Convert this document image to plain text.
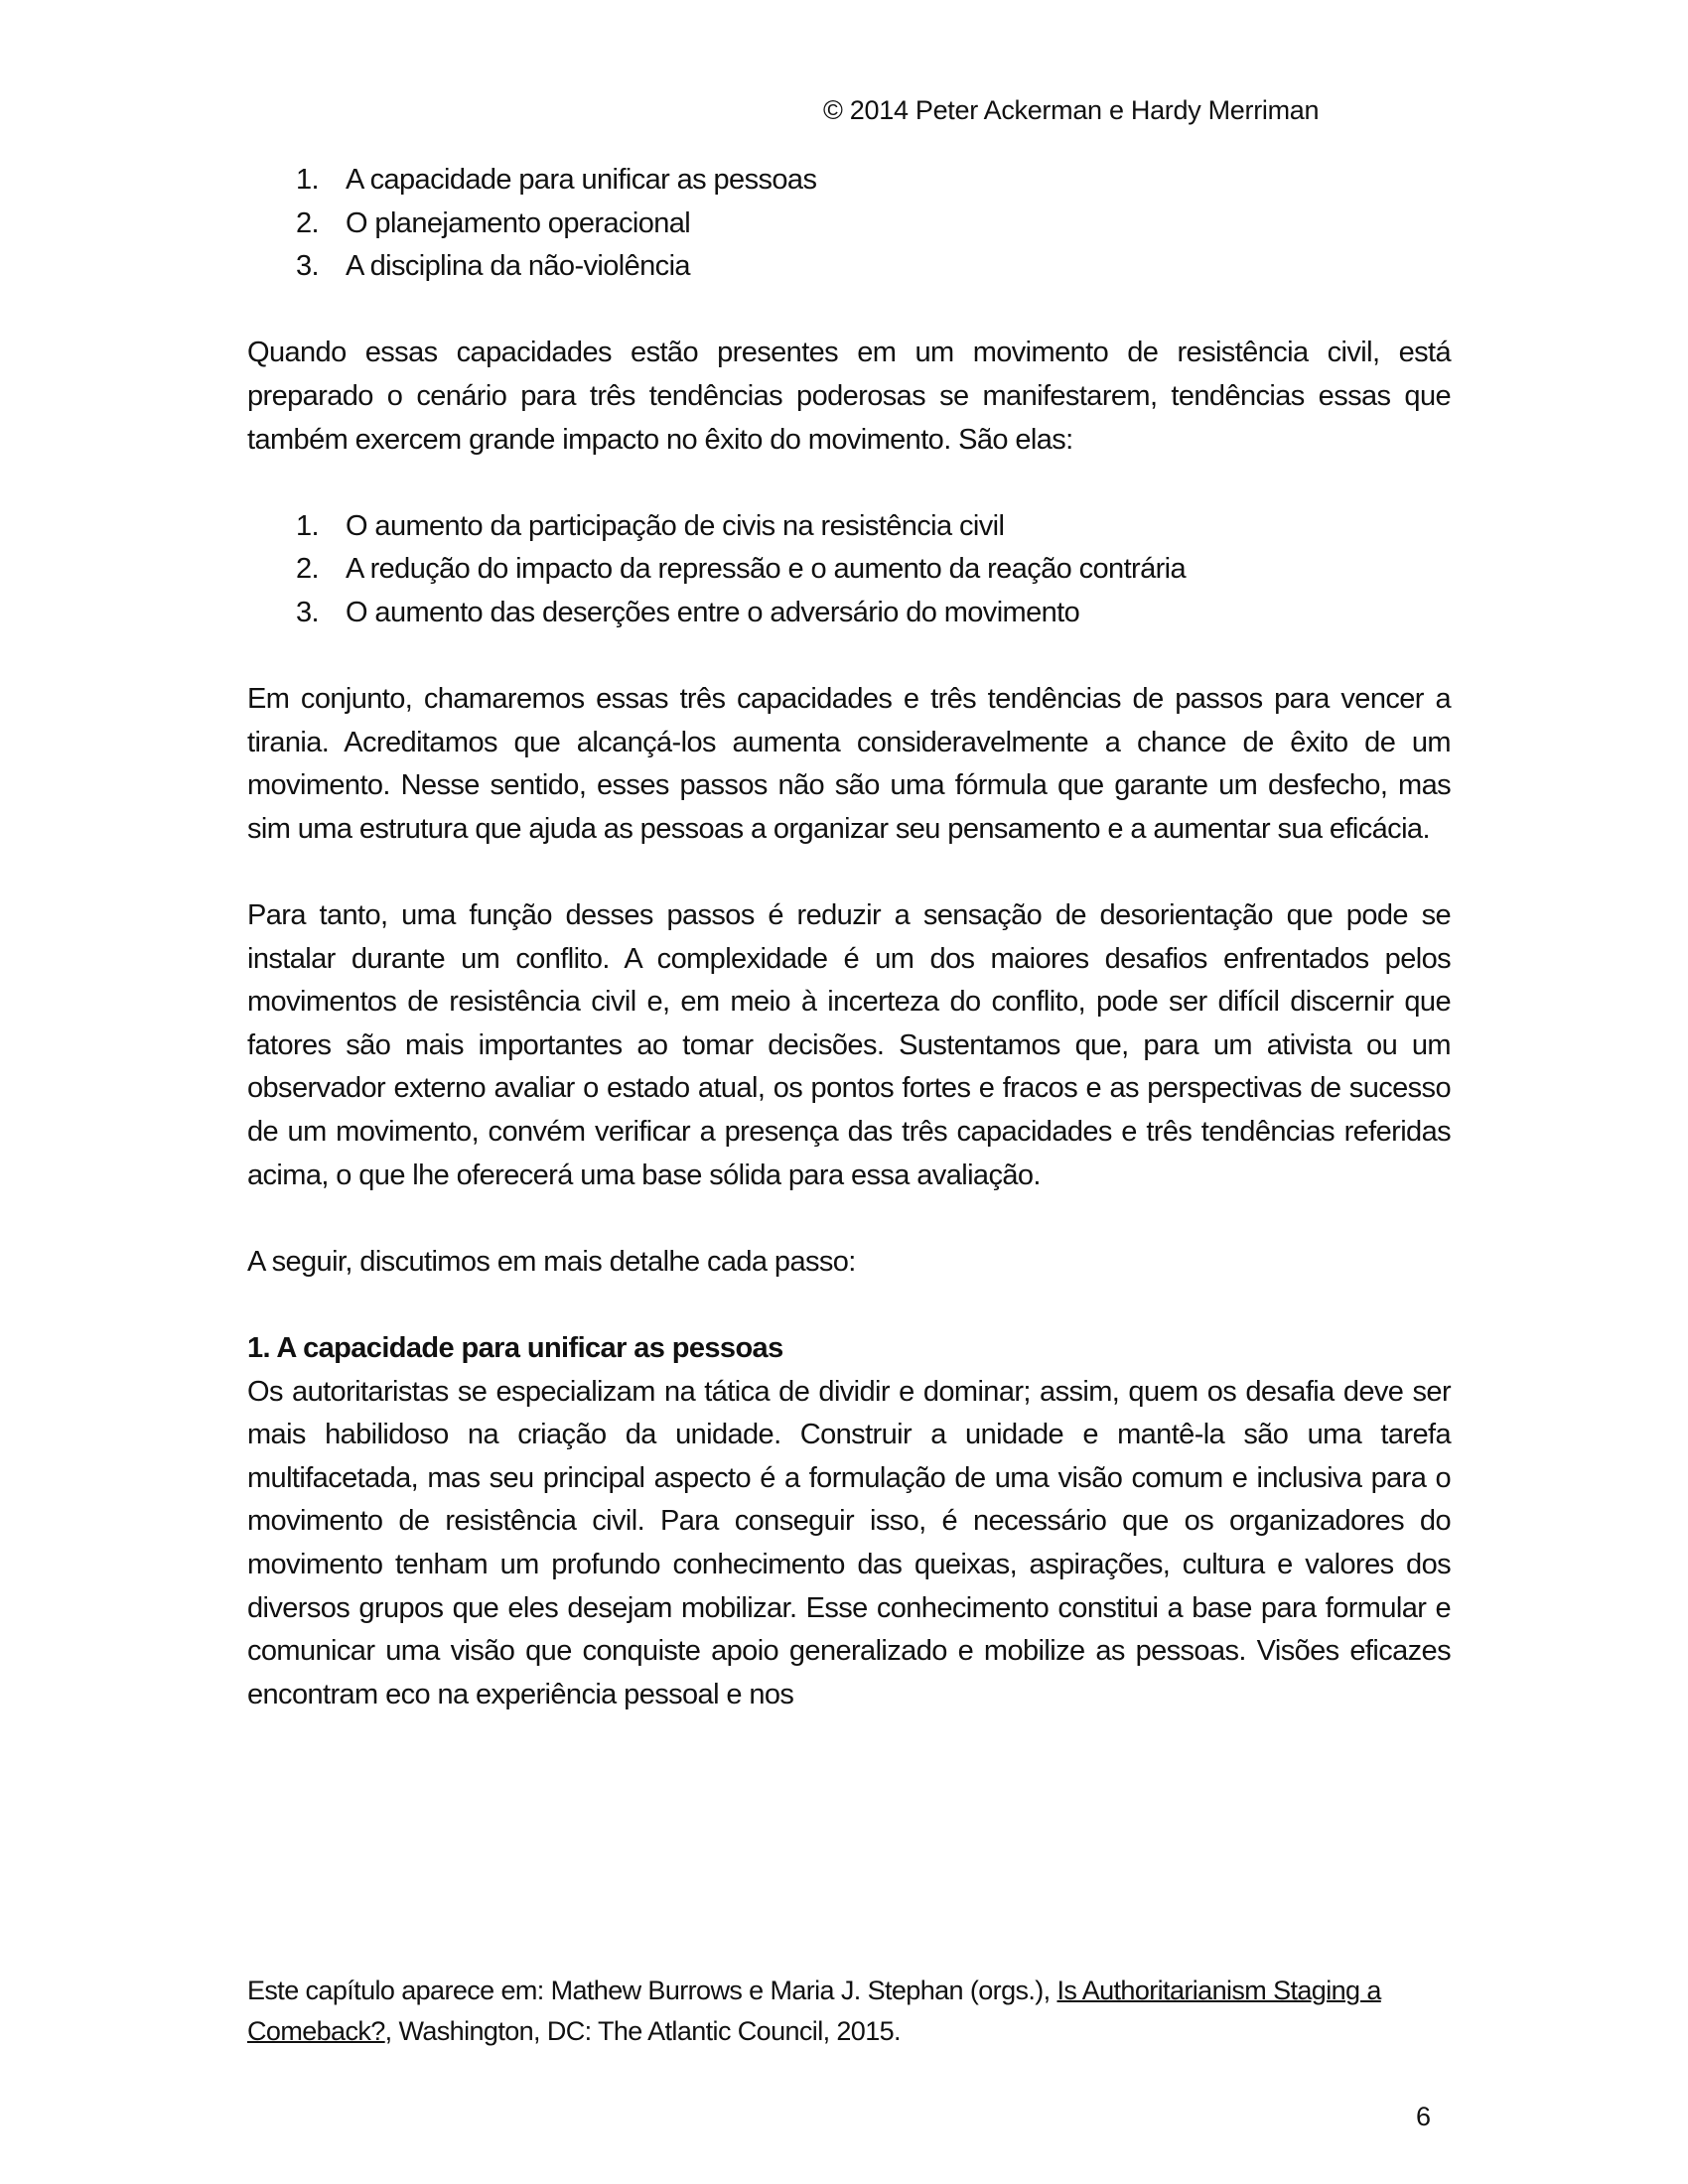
© 2014 Peter Ackerman e Hardy Merriman
1. A capacidade para unificar as pessoas
2. O planejamento operacional
3. A disciplina da não-violência

Quando essas capacidades estão presentes em um movimento de resistência civil, está preparado o cenário para três tendências poderosas se manifestarem, tendências essas que também exercem grande impacto no êxito do movimento. São elas:

1. O aumento da participação de civis na resistência civil
2. A redução do impacto da repressão e o aumento da reação contrária
3. O aumento das deserções entre o adversário do movimento

Em conjunto, chamaremos essas três capacidades e três tendências de passos para vencer a tirania. Acreditamos que alcançá-los aumenta consideravelmente a chance de êxito de um movimento. Nesse sentido, esses passos não são uma fórmula que garante um desfecho, mas sim uma estrutura que ajuda as pessoas a organizar seu pensamento e a aumentar sua eficácia.

Para tanto, uma função desses passos é reduzir a sensação de desorientação que pode se instalar durante um conflito. A complexidade é um dos maiores desafios enfrentados pelos movimentos de resistência civil e, em meio à incerteza do conflito, pode ser difícil discernir que fatores são mais importantes ao tomar decisões. Sustentamos que, para um ativista ou um observador externo avaliar o estado atual, os pontos fortes e fracos e as perspectivas de sucesso de um movimento, convém verificar a presença das três capacidades e três tendências referidas acima, o que lhe oferecerá uma base sólida para essa avaliação.

A seguir, discutimos em mais detalhe cada passo:

1. A capacidade para unificar as pessoas

Os autoritaristas se especializam na tática de dividir e dominar; assim, quem os desafia deve ser mais habilidoso na criação da unidade. Construir a unidade e mantê-la são uma tarefa multifacetada, mas seu principal aspecto é a formulação de uma visão comum e inclusiva para o movimento de resistência civil. Para conseguir isso, é necessário que os organizadores do movimento tenham um profundo conhecimento das queixas, aspirações, cultura e valores dos diversos grupos que eles desejam mobilizar. Esse conhecimento constitui a base para formular e comunicar uma visão que conquiste apoio generalizado e mobilize as pessoas. Visões eficazes encontram eco na experiência pessoal e nos

Este capítulo aparece em: Mathew Burrows e Maria J. Stephan (orgs.), Is Authoritarianism Staging a Comeback?, Washington, DC: The Atlantic Council, 2015.
6
